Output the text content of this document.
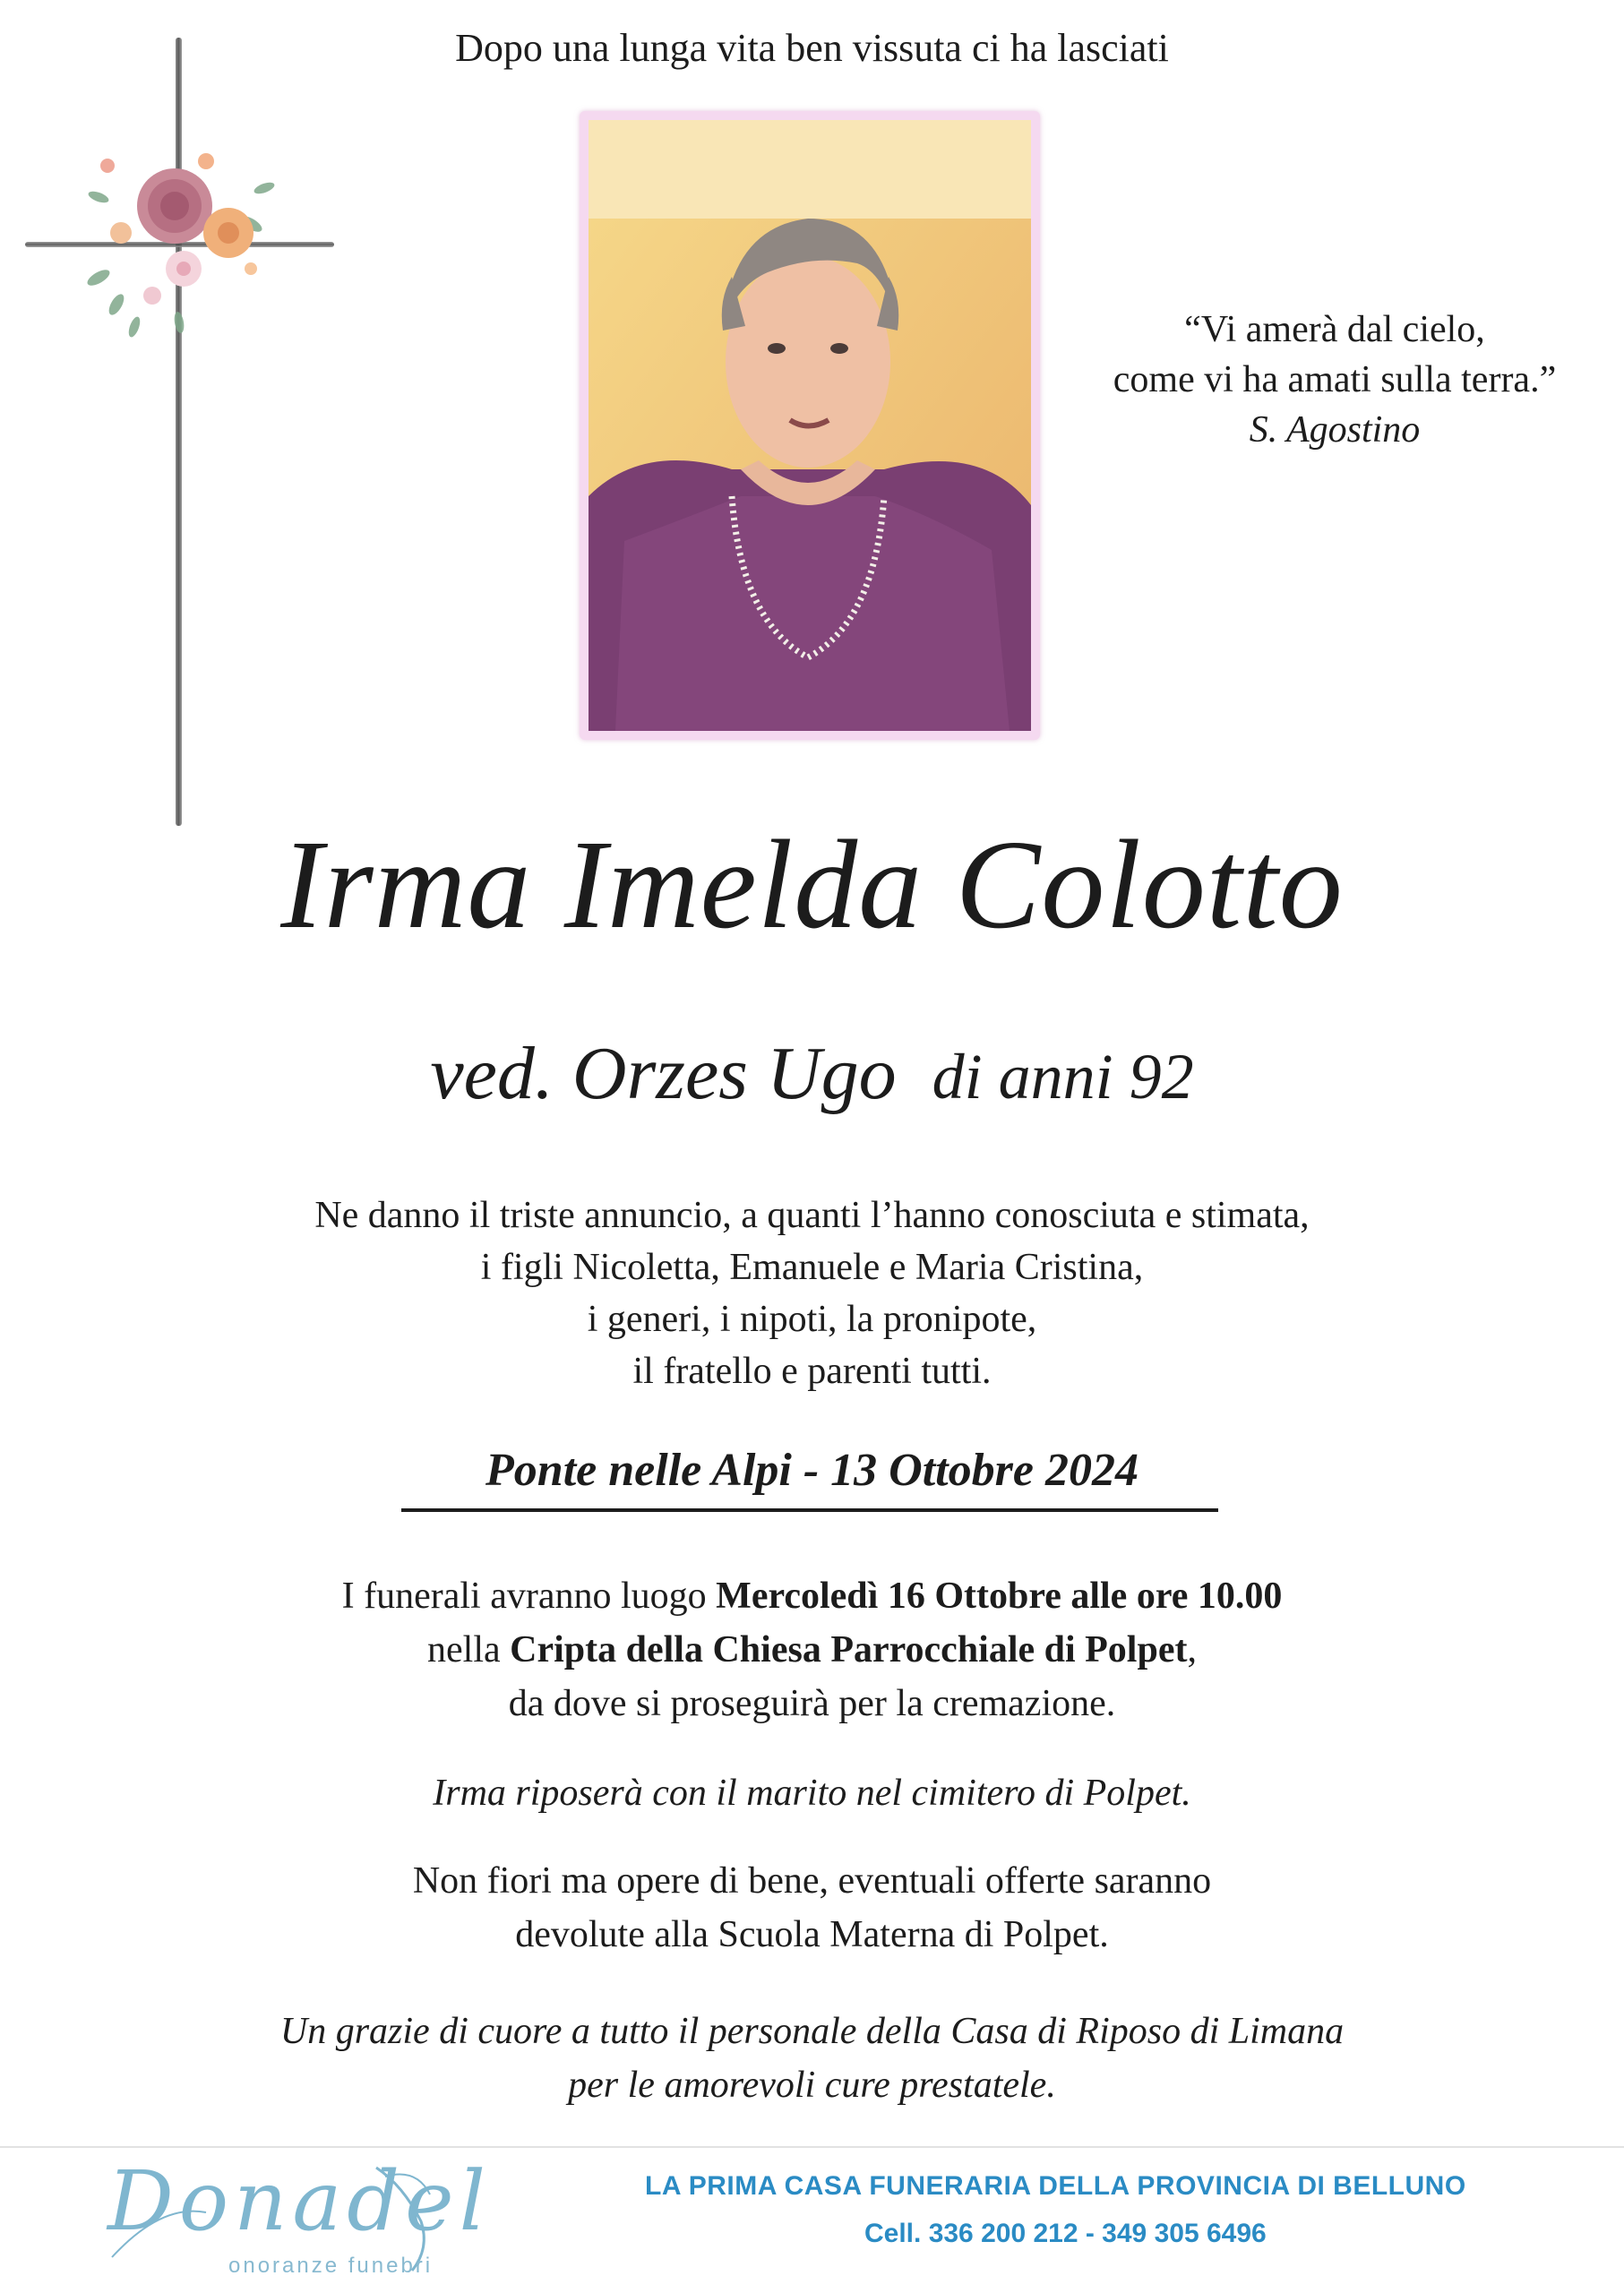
Dopo una lunga vita ben vissuta ci ha lasciati
“Vi amerà dal cielo,
come vi ha amati sulla terra.”
S. Agostino
Irma Imelda Colotto
ved. Orzes Ugo di anni 92
Ne danno il triste annuncio, a quanti l’hanno conosciuta e stimata,
i figli Nicoletta, Emanuele e Maria Cristina,
i generi, i nipoti, la pronipote,
il fratello e parenti tutti.
Ponte nelle Alpi - 13 Ottobre 2024
I funerali avranno luogo Mercoledì 16 Ottobre alle ore 10.00
nella Cripta della Chiesa Parrocchiale di Polpet,
da dove si proseguirà per la cremazione.
Irma riposerà con il marito nel cimitero di Polpet.
Non fiori ma opere di bene, eventuali offerte saranno
devolute alla Scuola Materna di Polpet.
Un grazie di cuore a tutto il personale della Casa di Riposo di Limana
per le amorevoli cure prestatele.
Donadel
onoranze funebri
LA PRIMA CASA FUNERARIA DELLA PROVINCIA DI BELLUNO
Cell. 336 200 212 - 349 305 6496
